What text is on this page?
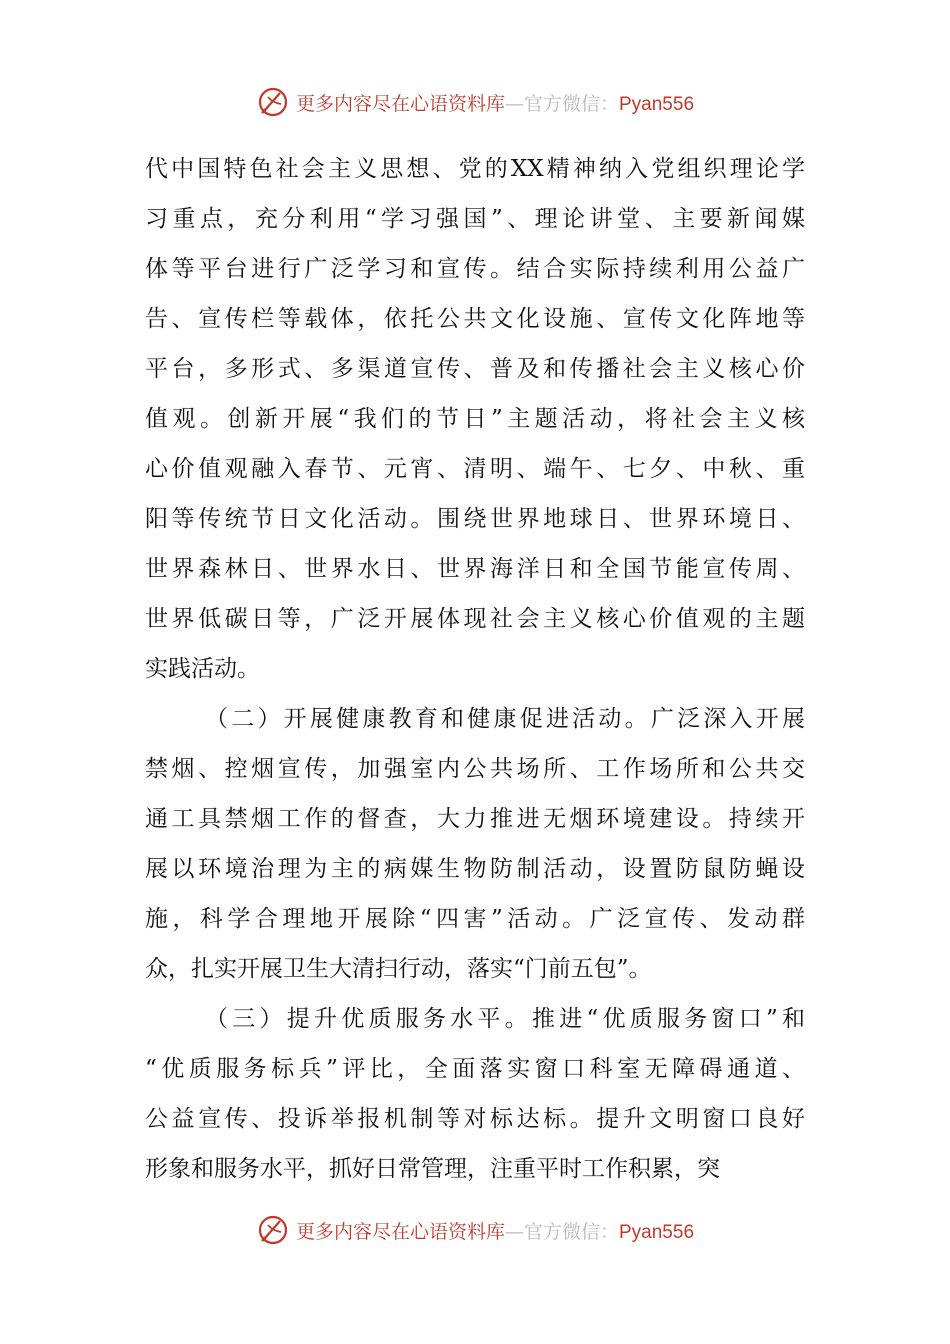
更多内容尽在心语资料库—官方微信：Pyan556
代中国特色社会主义思想、党的XX精神纳入党组织理论学
习重点，充分利用“学习强国”、理论讲堂、主要新闻媒
体等平台进行广泛学习和宣传。结合实际持续利用公益广
告、宣传栏等载体，依托公共文化设施、宣传文化阵地等
平台，多形式、多渠道宣传、普及和传播社会主义核心价
值观。创新开展“我们的节日”主题活动，将社会主义核
心价值观融入春节、元宵、清明、端午、七夕、中秋、重
阳等传统节日文化活动。围绕世界地球日、世界环境日、
世界森林日、世界水日、世界海洋日和全国节能宣传周、
世界低碳日等，广泛开展体现社会主义核心价值观的主题
实践活动。
（二）开展健康教育和健康促进活动。广泛深入开展
禁烟、控烟宣传，加强室内公共场所、工作场所和公共交
通工具禁烟工作的督查，大力推进无烟环境建设。持续开
展以环境治理为主的病媒生物防制活动，设置防鼠防蝇设
施，科学合理地开展除“四害”活动。广泛宣传、发动群
众，扎实开展卫生大清扫行动，落实“门前五包”。
（三）提升优质服务水平。推进“优质服务窗口”和
“优质服务标兵”评比，全面落实窗口科室无障碍通道、
公益宣传、投诉举报机制等对标达标。提升文明窗口良好
形象和服务水平，抓好日常管理，注重平时工作积累，突
更多内容尽在心语资料库—官方微信：Pyan556
